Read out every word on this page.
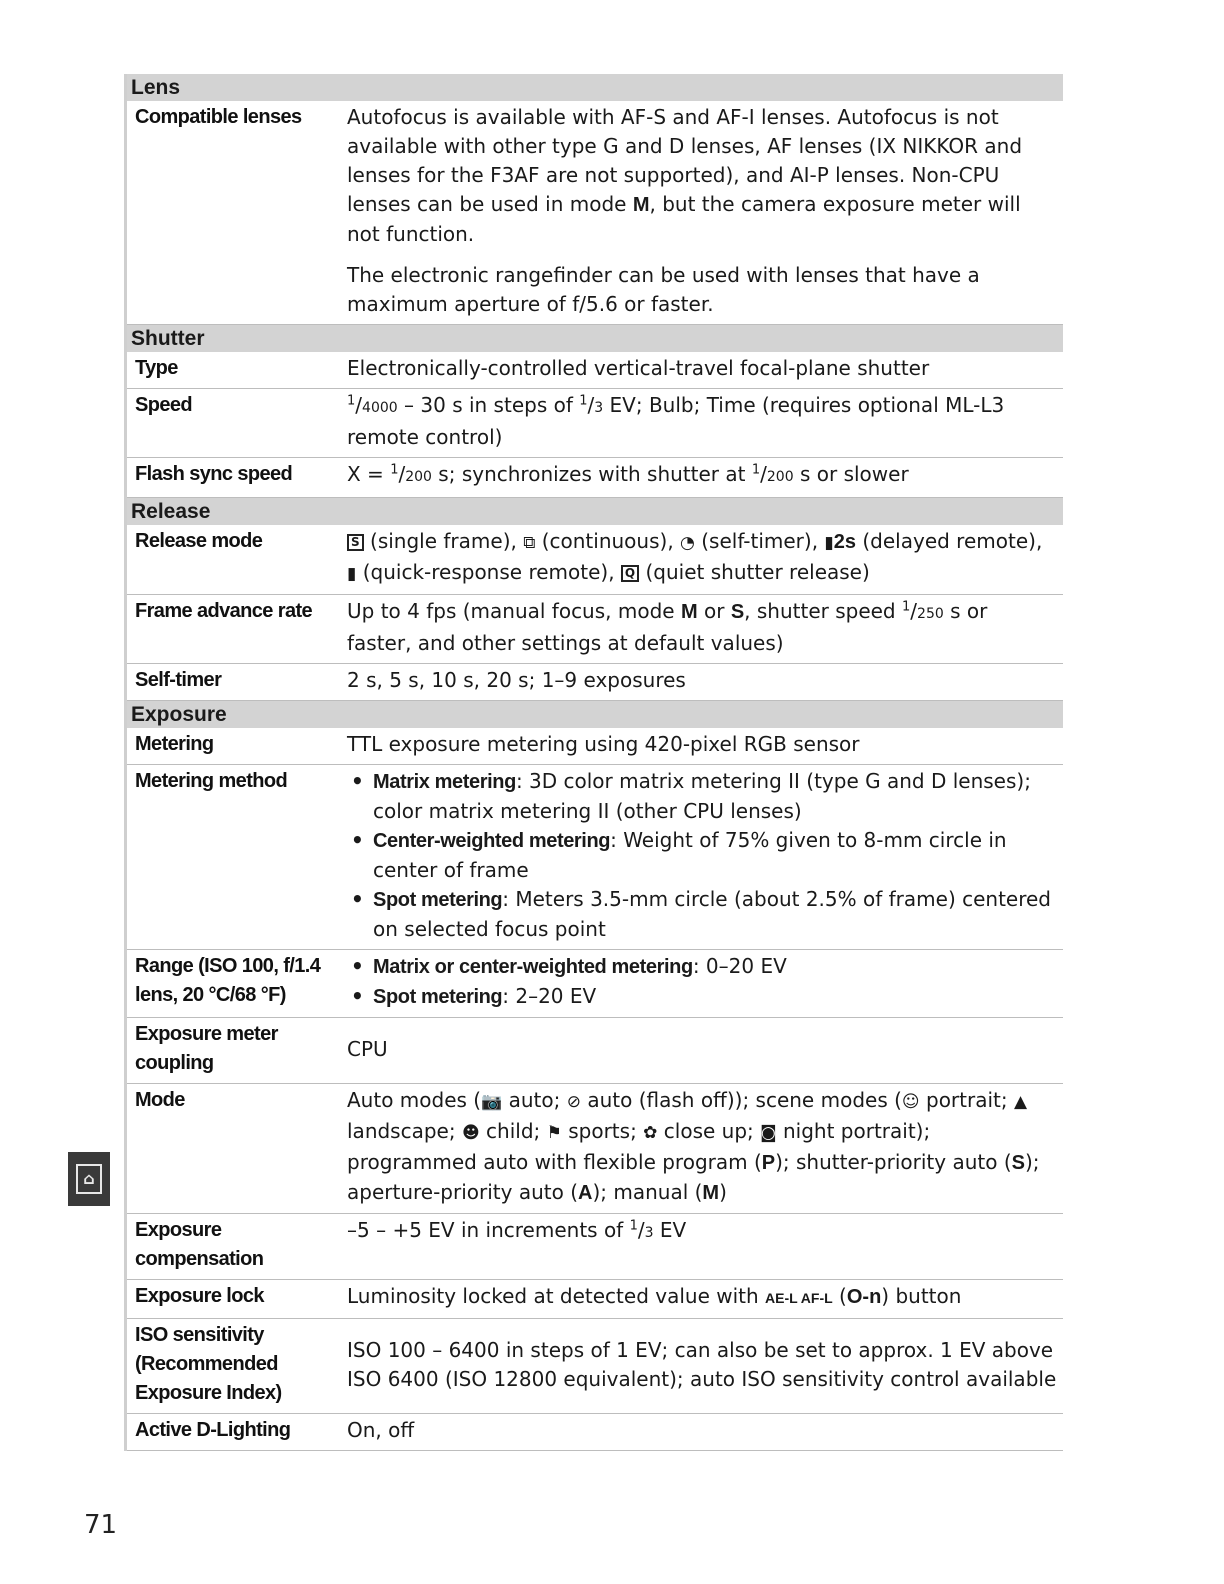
Lens
Compatible lenses	Autofocus is available with AF-S and AF-I lenses. Autofocus is not available with other type G and D lenses, AF lenses (IX NIKKOR and lenses for the F3AF are not supported), and AI-P lenses. Non-CPU lenses can be used in mode M, but the camera exposure meter will not function.

The electronic rangefinder can be used with lenses that have a maximum aperture of f/5.6 or faster.

Shutter
Type	Electronically-controlled vertical-travel focal-plane shutter
Speed	$^1$/4000 – 30 s in steps of $^1$/3 EV; Bulb; Time (requires optional ML-L3 remote control)
Flash sync speed	X = $^1$/200 s; synchronizes with shutter at $^1$/200 s or slower
Release
Release mode	S (single frame), ⧉ (continuous), ◔ (self-timer), ▮2s (delayed remote),
▮ (quick-response remote), Q (quiet shutter release)
Frame advance rate	Up to 4 fps (manual focus, mode M or S, shutter speed $^1$/250 s or faster, and other settings at default values)
Self-timer	2 s, 5 s, 10 s, 20 s; 1–9 exposures
Exposure
Metering	TTL exposure metering using 420-pixel RGB sensor
Metering method
•	Matrix metering: 3D color matrix metering II (type G and D lenses); color matrix metering II (other CPU lenses)
• Center-weighted metering: Weight of 75% given to 8-mm circle in center of frame
• Spot metering: Meters 3.5-mm circle (about 2.5% of frame) centered on selected focus point
Range (ISO 100, f/1.4 lens, 20 °C/68 °F)
• Matrix or center-weighted metering: 0–20 EV
• Spot metering: 2–20 EV
Exposure meter coupling
CPU
Mode	Auto modes (📷 auto; ⊘ auto (flash off)); scene modes (☺ portrait; ▲ landscape; ☻ child; ⚑ sports; ✿ close up; ◙ night portrait); programmed auto with flexible program (P); shutter-priority auto (S); aperture-priority auto (A); manual (M)
Exposure compensation
–5 – +5 EV in increments of $^1$/3 EV
Exposure lock	Luminosity locked at detected value with AE-L AF-L (O-n) button
ISO sensitivity (Recommended Exposure Index)
ISO 100 – 6400 in steps of 1 EV; can also be set to approx. 1 EV above ISO 6400 (ISO 12800 equivalent); auto ISO sensitivity control available
Active D-Lighting	On, off
⌂
71
